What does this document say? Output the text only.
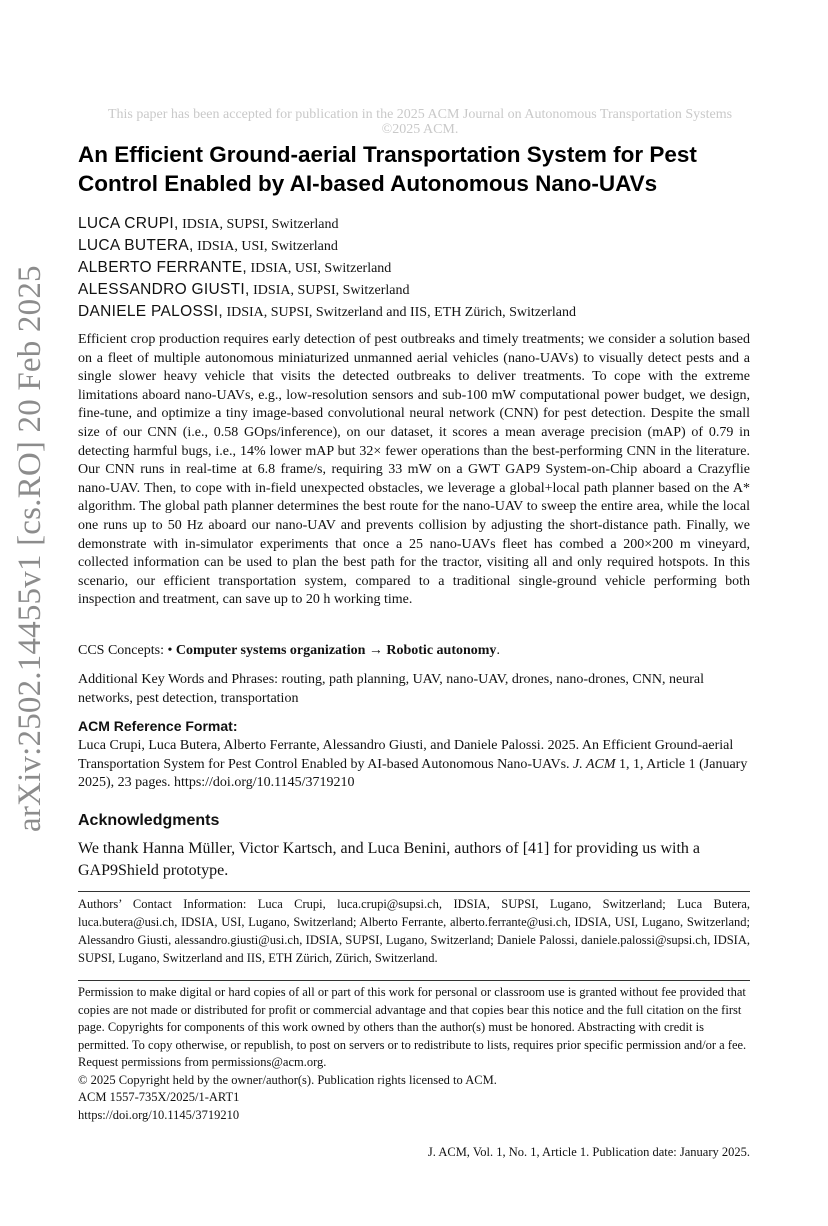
This paper has been accepted for publication in the 2025 ACM Journal on Autonomous Transportation Systems
©2025 ACM.
arXiv:2502.14455v1 [cs.RO] 20 Feb 2025
An Efficient Ground-aerial Transportation System for Pest Control Enabled by AI-based Autonomous Nano-UAVs
LUCA CRUPI, IDSIA, SUPSI, Switzerland
LUCA BUTERA, IDSIA, USI, Switzerland
ALBERTO FERRANTE, IDSIA, USI, Switzerland
ALESSANDRO GIUSTI, IDSIA, SUPSI, Switzerland
DANIELE PALOSSI, IDSIA, SUPSI, Switzerland and IIS, ETH Zürich, Switzerland
Efficient crop production requires early detection of pest outbreaks and timely treatments; we consider a solution based on a fleet of multiple autonomous miniaturized unmanned aerial vehicles (nano-UAVs) to visually detect pests and a single slower heavy vehicle that visits the detected outbreaks to deliver treatments. To cope with the extreme limitations aboard nano-UAVs, e.g., low-resolution sensors and sub-100 mW computational power budget, we design, fine-tune, and optimize a tiny image-based convolutional neural network (CNN) for pest detection. Despite the small size of our CNN (i.e., 0.58 GOps/inference), on our dataset, it scores a mean average precision (mAP) of 0.79 in detecting harmful bugs, i.e., 14% lower mAP but 32× fewer operations than the best-performing CNN in the literature. Our CNN runs in real-time at 6.8 frame/s, requiring 33 mW on a GWT GAP9 System-on-Chip aboard a Crazyflie nano-UAV. Then, to cope with in-field unexpected obstacles, we leverage a global+local path planner based on the A* algorithm. The global path planner determines the best route for the nano-UAV to sweep the entire area, while the local one runs up to 50 Hz aboard our nano-UAV and prevents collision by adjusting the short-distance path. Finally, we demonstrate with in-simulator experiments that once a 25 nano-UAVs fleet has combed a 200×200 m vineyard, collected information can be used to plan the best path for the tractor, visiting all and only required hotspots. In this scenario, our efficient transportation system, compared to a traditional single-ground vehicle performing both inspection and treatment, can save up to 20 h working time.
CCS Concepts: • Computer systems organization → Robotic autonomy.
Additional Key Words and Phrases: routing, path planning, UAV, nano-UAV, drones, nano-drones, CNN, neural networks, pest detection, transportation
ACM Reference Format:
Luca Crupi, Luca Butera, Alberto Ferrante, Alessandro Giusti, and Daniele Palossi. 2025. An Efficient Ground-aerial Transportation System for Pest Control Enabled by AI-based Autonomous Nano-UAVs. J. ACM 1, 1, Article 1 (January 2025), 23 pages. https://doi.org/10.1145/3719210
Acknowledgments
We thank Hanna Müller, Victor Kartsch, and Luca Benini, authors of [41] for providing us with a GAP9Shield prototype.
Authors’ Contact Information: Luca Crupi, luca.crupi@supsi.ch, IDSIA, SUPSI, Lugano, Switzerland; Luca Butera, luca.butera@usi.ch, IDSIA, USI, Lugano, Switzerland; Alberto Ferrante, alberto.ferrante@usi.ch, IDSIA, USI, Lugano, Switzerland; Alessandro Giusti, alessandro.giusti@usi.ch, IDSIA, SUPSI, Lugano, Switzerland; Daniele Palossi, daniele.palossi@supsi.ch, IDSIA, SUPSI, Lugano, Switzerland and IIS, ETH Zürich, Zürich, Switzerland.

Permission to make digital or hard copies of all or part of this work for personal or classroom use is granted without fee provided that copies are not made or distributed for profit or commercial advantage and that copies bear this notice and the full citation on the first page. Copyrights for components of this work owned by others than the author(s) must be honored. Abstracting with credit is permitted. To copy otherwise, or republish, to post on servers or to redistribute to lists, requires prior specific permission and/or a fee. Request permissions from permissions@acm.org.

© 2025 Copyright held by the owner/author(s). Publication rights licensed to ACM.

ACM 1557-735X/2025/1-ART1

https://doi.org/10.1145/3719210

J. ACM, Vol. 1, No. 1, Article 1. Publication date: January 2025.
